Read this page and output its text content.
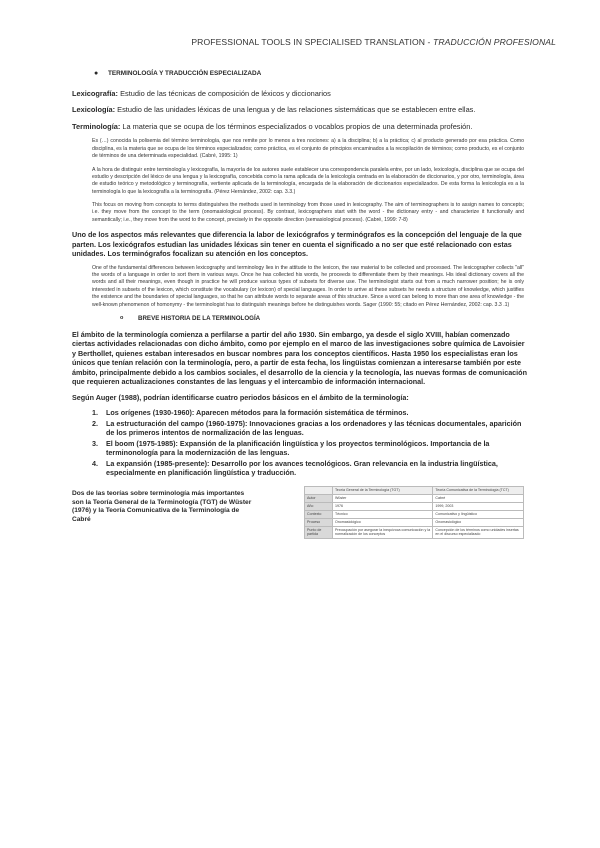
PROFESSIONAL TOOLS IN SPECIALISED TRANSLATION - TRADUCCIÓN PROFESIONAL
●	TERMINOLOGÍA Y TRADUCCIÓN ESPECIALIZADA

Lexicografía: Estudio de las técnicas de composición de léxicos y diccionarios

Lexicología: Estudio de las unidades léxicas de una lengua y de las relaciones sistemáticas que se establecen entre ellas.

Terminología: La materia que se ocupa de los términos especializados o vocablos propios de una determinada profesión.

Es (…) conocida la polisemia del término terminología, que nos remite por lo menos a tres nociones: a) a la disciplina; b) a la práctica; c) al producto generado por esa práctica. Como disciplina, es la materia que se ocupa de los términos especializados; como práctica, es el conjunto de principios encaminados a la recopilación de términos; como producto, es el conjunto de términos de una determinada especialidad. (Cabré, 1995: 1)

A la hora de distinguir entre terminología y lexicografía, la mayoría de los autores suele establecer una correspondencia paralela entre, por un lado, lexicología, disciplina que se ocupa del estudio y descripción del léxico de una lengua y la lexicografía, concebida como la rama aplicada de la lexicología centrada en la elaboración de diccionarios, y por otro, terminología, área de estudio teórico y metodológico y terminografía, vertiente aplicada de la terminología, encargada de la elaboración de diccionarios especializados. De esta forma la lexicología es a la terminología lo que la lexicografía a la terminografía. (Pérez Hernández, 2002: cap. 3.3.)

This focus on moving from concepts to terms distinguishes the methods used in terminology from those used in lexicography. The aim of terminographers is to assign names to concepts; i.e. they move from the concept to the term (onomasiological process). By contrast, lexicographers start with the word - the dictionary entry - and characterize it functionally and semantically; i.e., they move from the word to the concept, precisely in the opposite direction (semasiological process). (Cabré, 1999: 7-8)

Uno de los aspectos más relevantes que diferencia la labor de lexicógrafos y terminógrafos es la concepción del lenguaje de la que parten. Los lexicógrafos estudian las unidades léxicas sin tener en cuenta el significado a no ser que esté relacionado con estas unidades. Los terminógrafos focalizan su atención en los conceptos.

One of the fundamental differences between lexicography and terminology lies in the attitude to the lexicon, the raw material to be collected and processed. The lexicographer collects "all" the words of a language in order to sort them in various ways. Once he has collected his words, he proceeds to differentiate them by their meanings. His ideal dictionary covers all the words and all their meanings, even though in practice he will produce various types of subsets for diverse use. The terminologist starts out from a much narrower position; he is only interested in subsets of the lexicon, which constitute the vocabulary (or lexicon) of special languages. In order to arrive at these subsets he needs a structure of knowledge, which justifies the existence and the boundaries of special languages, so that he can attribute words to separate areas of this structure. Since a word can belong to more than one area of knowledge - the well-known phenomenon of homonymy - the terminologist has to distinguish meanings before he distinguishes words. Sager (1990: 55; citado en Pérez Hernández, 2002: cap. 3.3 .1)

o	BREVE HISTORIA DE LA TERMINOLOGÍA

El ámbito de la terminología comienza a perfilarse a partir del año 1930. Sin embargo, ya desde el siglo XVIII, habían comenzado ciertas actividades relacionadas con dicho ámbito, como por ejemplo en el marco de las investigaciones sobre química de Lavoisier y Berthollet, quienes estaban interesados en buscar nombres para los conceptos científicos. Hasta 1950 los especialistas eran los únicos que tenían relación con la terminología, pero, a partir de esta fecha, los lingüistas comienzan a interesarse también por este ámbito, principalmente debido a los cambios sociales, el desarrollo de la ciencia y la tecnología, las nuevas formas de comunicación que requieren actualizaciones constantes de las lenguas y el intercambio de información internacional.

Según Auger (1988), podrían identificarse cuatro periodos básicos en el ámbito de la terminología:

1.	Los orígenes (1930-1960): Aparecen métodos para la formación sistemática de términos.
2.	La estructuración del campo (1960-1975): Innovaciones gracias a los ordenadores y las técnicas documentales, aparición de los primeros intentos de normalización de las lenguas.
3.	El boom (1975-1985): Expansión de la planificación lingüística y los proyectos terminológicos. Importancia de la terminonología para la modernización de las lenguas.
4.	La expansión (1985-presente): Desarrollo por los avances tecnológicos. Gran relevancia en la industria lingüística, especialmente en planificación lingüística y traducción.

Dos de las teorías sobre terminología más importantes son la Teoría General de la Terminología (TGT) de Wüster (1976) y la Teoría Comunicativa de la Terminología de Cabré

	Teoría General de la Terminología (TGT)	Teoría Comunicativa de la Terminología (TCT)
Autor	Wüster	Cabré
Año	1976	1999, 2003
Contexto	Técnico	Comunicativo y lingüístico
Proceso	Onomasiológico	Onomasiológico
Punto de partida	Preocupación por asegurar la inequívoca comunicación y la normalización de los conceptos	Concepción de los términos como unidades insertas en el discurso especializado
